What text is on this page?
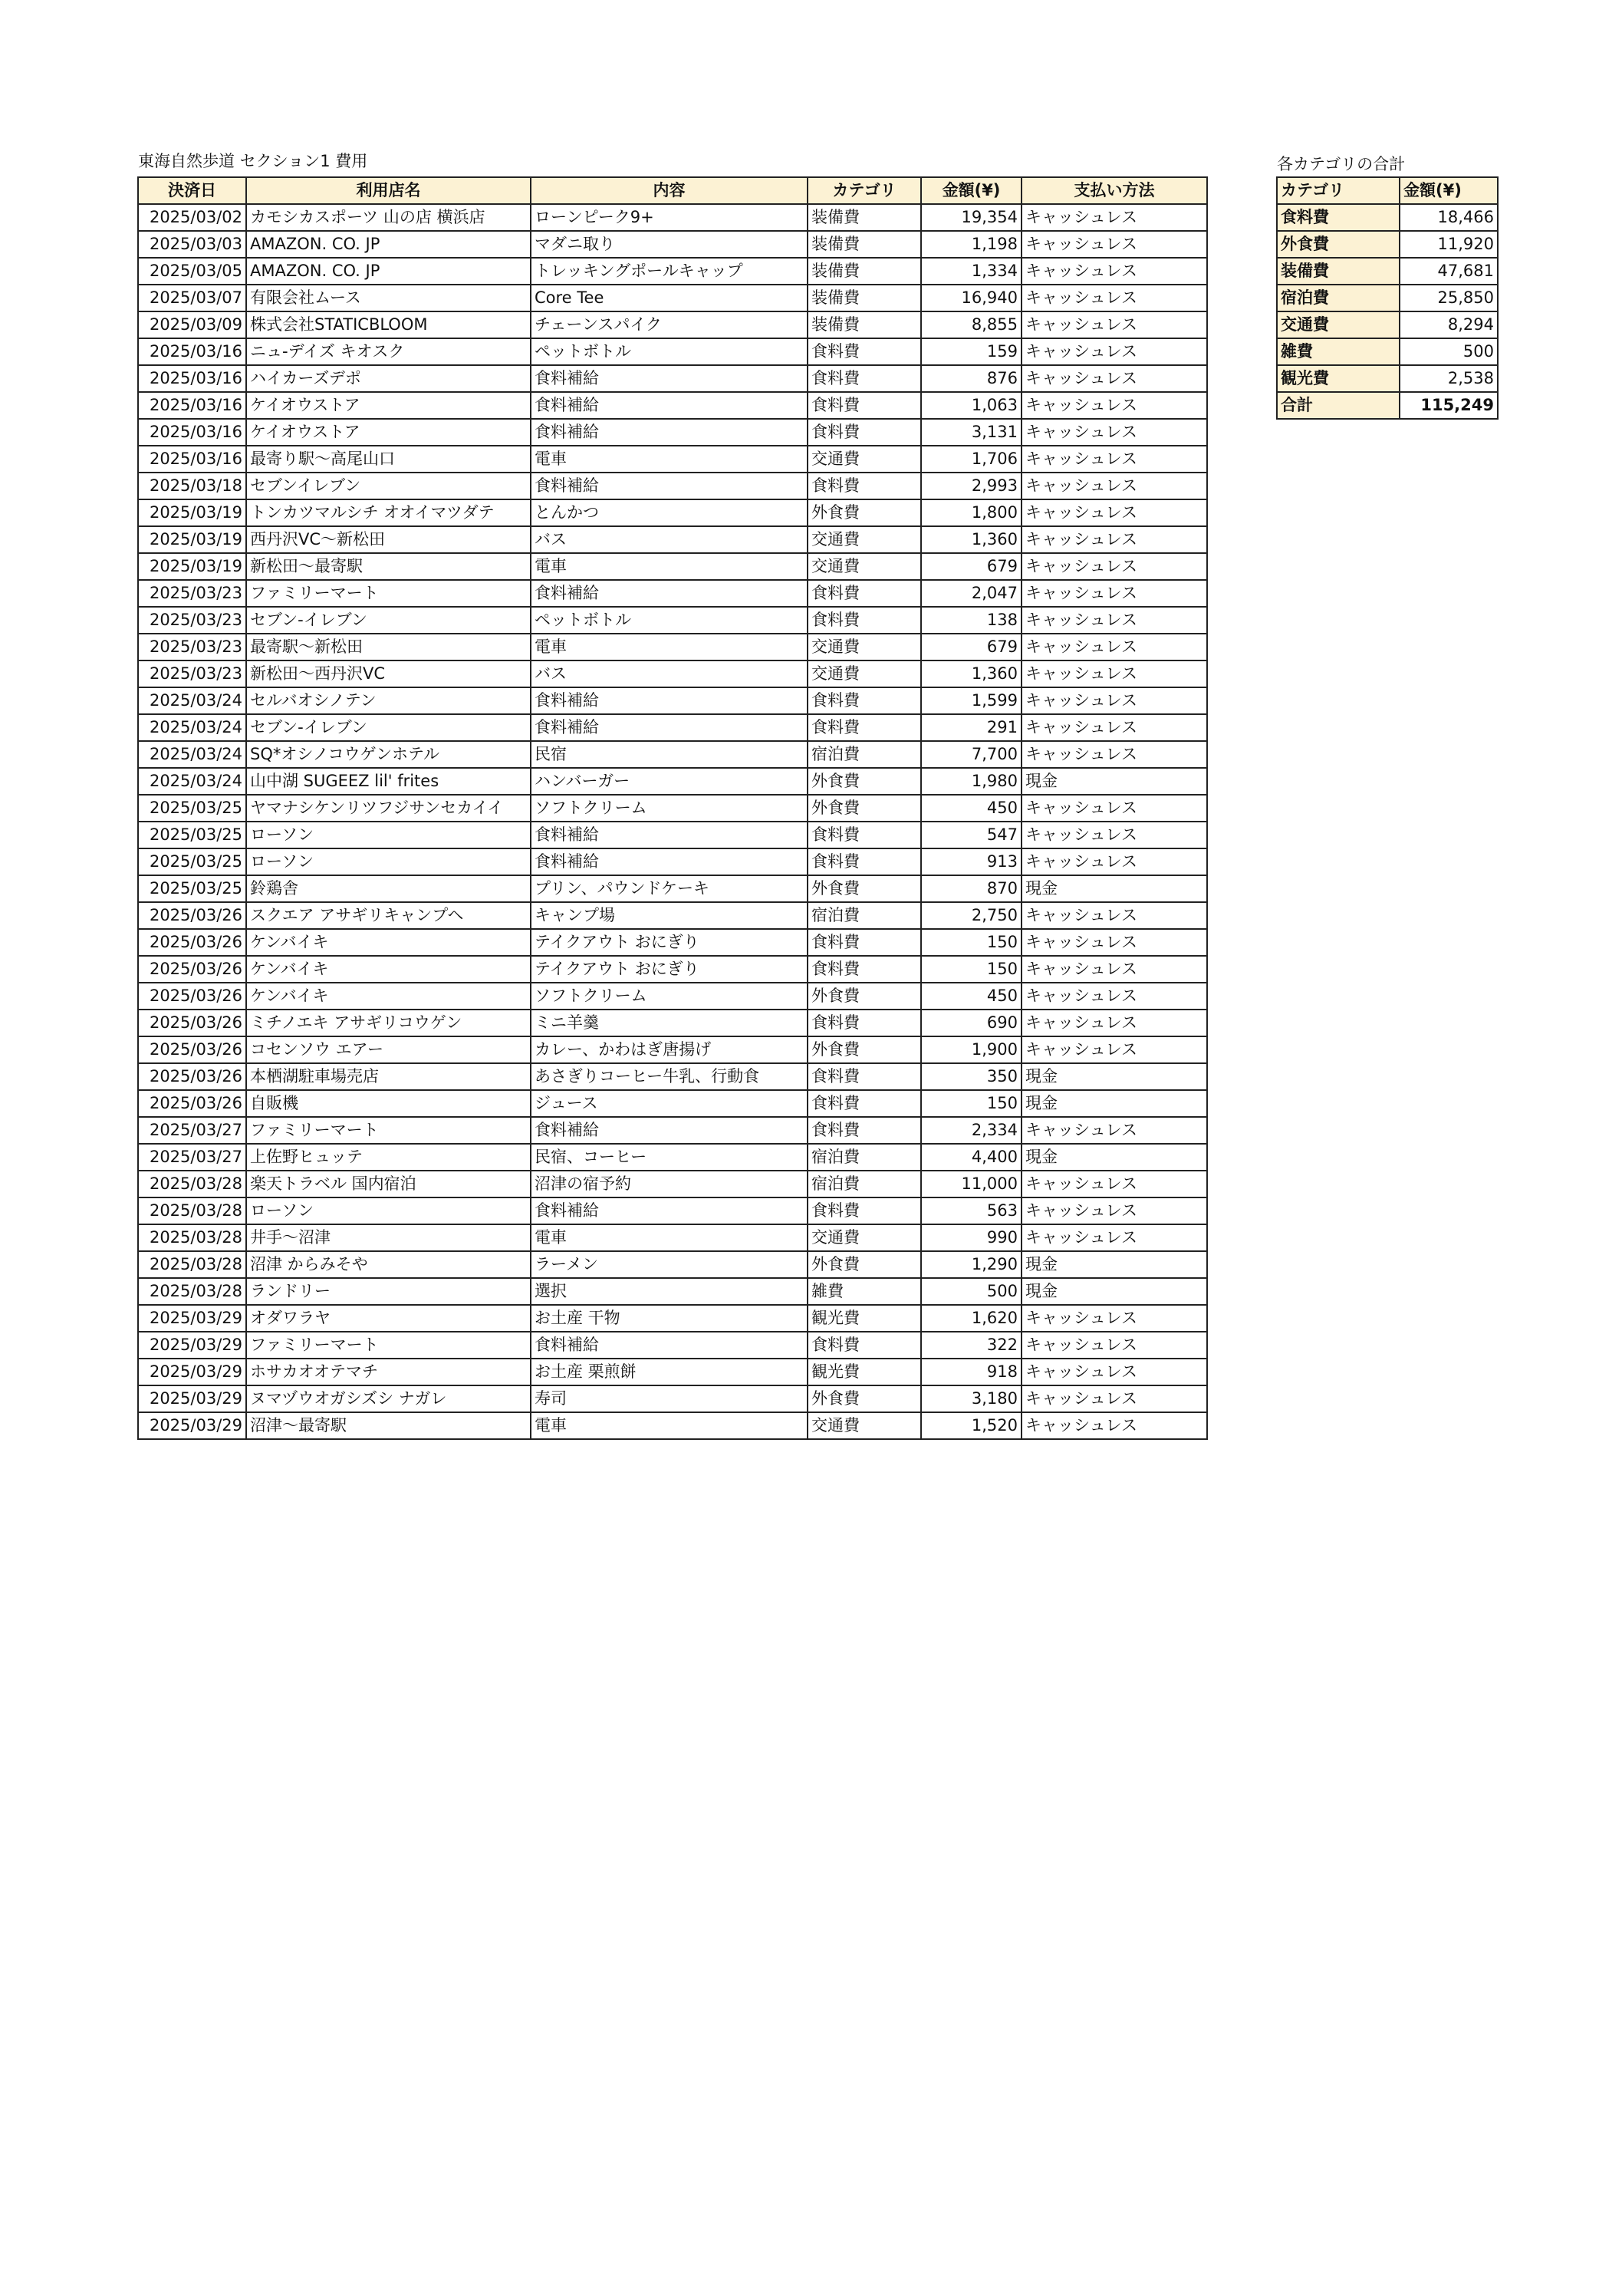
東海自然歩道 セクション1 費用
決済日	利用店名	内容	カテゴリ	金額(¥)	支払い方法
2025/03/02	カモシカスポーツ 山の店 横浜店	ローンピーク9+	装備費	19,354	キャッシュレス
2025/03/03	AMAZON. CO. JP	マダニ取り	装備費	1,198	キャッシュレス
2025/03/05	AMAZON. CO. JP	トレッキングポールキャップ	装備費	1,334	キャッシュレス
2025/03/07	有限会社ムース	Core Tee	装備費	16,940	キャッシュレス
2025/03/09	株式会社STATICBLOOM	チェーンスパイク	装備費	8,855	キャッシュレス
2025/03/16	ニュ-デイズ キオスク	ペットボトル	食料費	159	キャッシュレス
2025/03/16	ハイカーズデポ	食料補給	食料費	876	キャッシュレス
2025/03/16	ケイオウストア	食料補給	食料費	1,063	キャッシュレス
2025/03/16	ケイオウストア	食料補給	食料費	3,131	キャッシュレス
2025/03/16	最寄り駅～高尾山口	電車	交通費	1,706	キャッシュレス
2025/03/18	セブンイレブン	食料補給	食料費	2,993	キャッシュレス
2025/03/19	トンカツマルシチ オオイマツダテ	とんかつ	外食費	1,800	キャッシュレス
2025/03/19	西丹沢VC～新松田	バス	交通費	1,360	キャッシュレス
2025/03/19	新松田～最寄駅	電車	交通費	679	キャッシュレス
2025/03/23	ファミリーマート	食料補給	食料費	2,047	キャッシュレス
2025/03/23	セブン-イレブン	ペットボトル	食料費	138	キャッシュレス
2025/03/23	最寄駅～新松田	電車	交通費	679	キャッシュレス
2025/03/23	新松田～西丹沢VC	バス	交通費	1,360	キャッシュレス
2025/03/24	セルバオシノテン	食料補給	食料費	1,599	キャッシュレス
2025/03/24	セブン-イレブン	食料補給	食料費	291	キャッシュレス
2025/03/24	SQ*オシノコウゲンホテル	民宿	宿泊費	7,700	キャッシュレス
2025/03/24	山中湖 SUGEEZ lil' frites	ハンバーガー	外食費	1,980	現金
2025/03/25	ヤマナシケンリツフジサンセカイイ	ソフトクリーム	外食費	450	キャッシュレス
2025/03/25	ローソン	食料補給	食料費	547	キャッシュレス
2025/03/25	ローソン	食料補給	食料費	913	キャッシュレス
2025/03/25	鈴鶏舎	プリン、パウンドケーキ	外食費	870	現金
2025/03/26	スクエア アサギリキャンプヘ	キャンプ場	宿泊費	2,750	キャッシュレス
2025/03/26	ケンバイキ	テイクアウト おにぎり	食料費	150	キャッシュレス
2025/03/26	ケンバイキ	テイクアウト おにぎり	食料費	150	キャッシュレス
2025/03/26	ケンバイキ	ソフトクリーム	外食費	450	キャッシュレス
2025/03/26	ミチノエキ アサギリコウゲン	ミニ羊羹	食料費	690	キャッシュレス
2025/03/26	コセンソウ エアー	カレー、かわはぎ唐揚げ	外食費	1,900	キャッシュレス
2025/03/26	本栖湖駐車場売店	あさぎりコーヒー牛乳、行動食	食料費	350	現金
2025/03/26	自販機	ジュース	食料費	150	現金
2025/03/27	ファミリーマート	食料補給	食料費	2,334	キャッシュレス
2025/03/27	上佐野ヒュッテ	民宿、コーヒー	宿泊費	4,400	現金
2025/03/28	楽天トラベル 国内宿泊	沼津の宿予約	宿泊費	11,000	キャッシュレス
2025/03/28	ローソン	食料補給	食料費	563	キャッシュレス
2025/03/28	井手～沼津	電車	交通費	990	キャッシュレス
2025/03/28	沼津 からみそや	ラーメン	外食費	1,290	現金
2025/03/28	ランドリー	選択	雑費	500	現金
2025/03/29	オダワラヤ	お土産 干物	観光費	1,620	キャッシュレス
2025/03/29	ファミリーマート	食料補給	食料費	322	キャッシュレス
2025/03/29	ホサカオオテマチ	お土産 栗煎餅	観光費	918	キャッシュレス
2025/03/29	ヌマヅウオガシズシ ナガレ	寿司	外食費	3,180	キャッシュレス
2025/03/29	沼津～最寄駅	電車	交通費	1,520	キャッシュレス
各カテゴリの合計
カテゴリ	金額(¥)
食料費	18,466
外食費	11,920
装備費	47,681
宿泊費	25,850
交通費	8,294
雑費	500
観光費	2,538
合計	115,249
